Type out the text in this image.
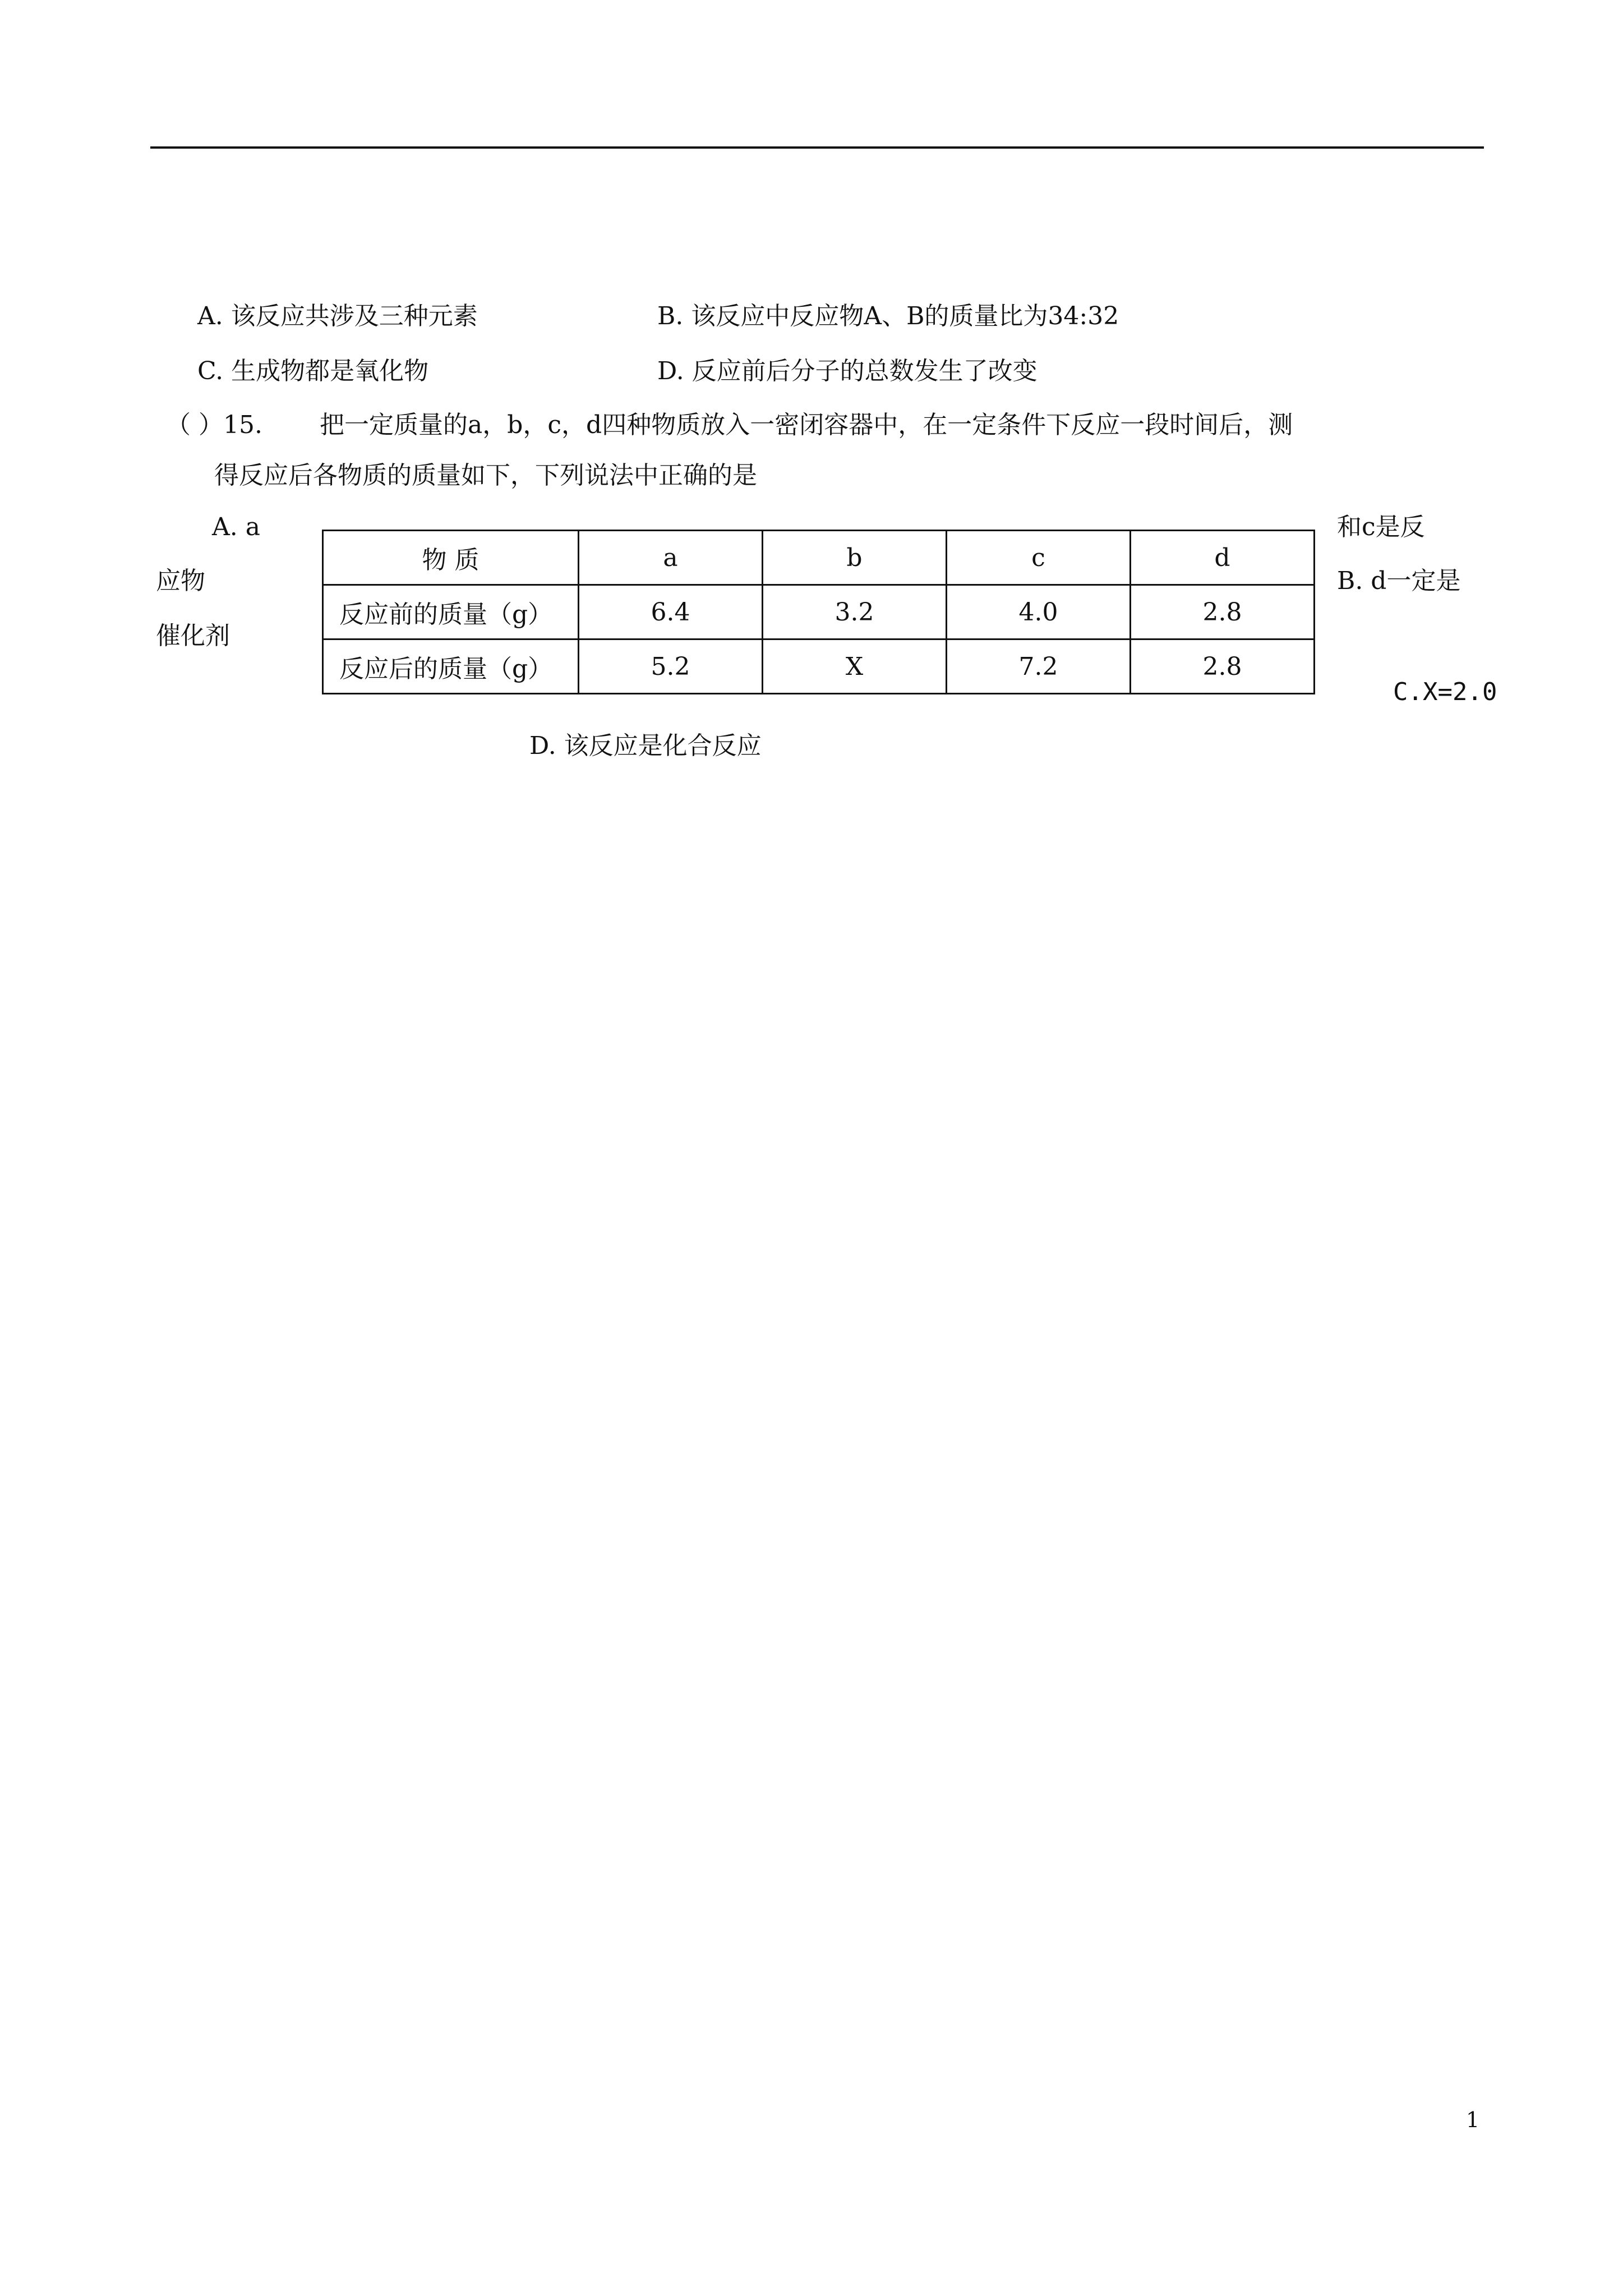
A. 该反应共涉及三种元素	B. 该反应中反应物A、B的质量比为34:32
C. 生成物都是氧化物	D. 反应前后分子的总数发生了改变
（ ）15. 把一定质量的a，b，c，d四种物质放入一密闭容器中，在一定条件下反应一段时间后，测
得反应后各物质的质量如下，下列说法中正确的是
A. a	和c是反
应物	B. d一定是
催化剂
C.X=2.0
D. 该反应是化合反应
物 质	a	b	c	d
反应前的质量（g）	6.4	3.2	4.0	2.8
反应后的质量（g）	5.2	X	7.2	2.8
1
